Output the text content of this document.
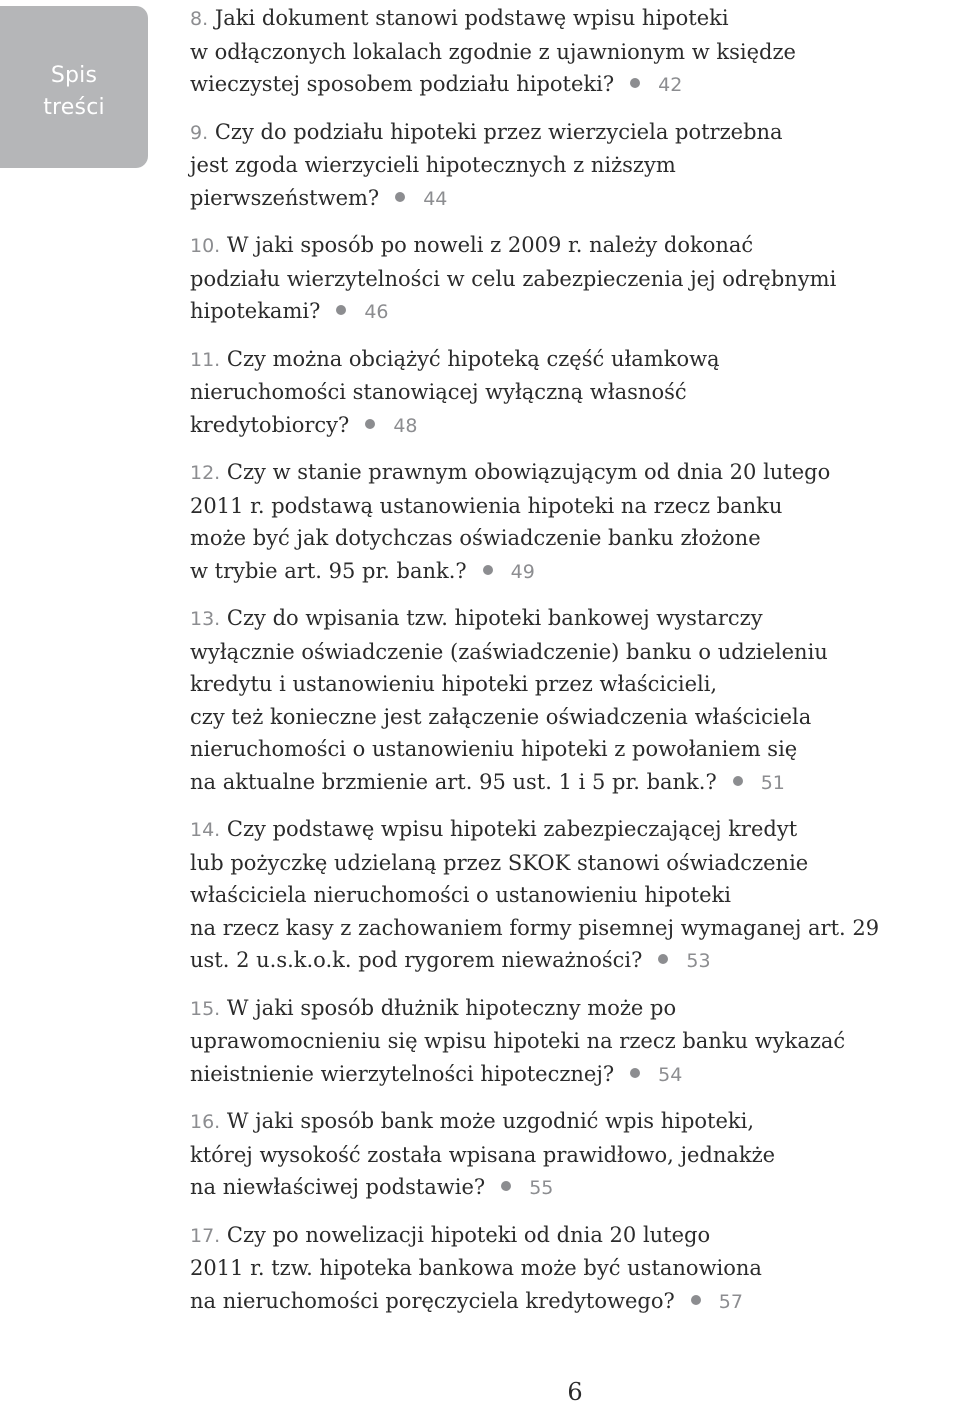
Spis
treści
8. Jaki dokument stanowi podstawę wpisu hipoteki
w odłączonych lokalach zgodnie z ujawnionym w księdze
wieczystej sposobem podziału hipoteki? 42
9. Czy do podziału hipoteki przez wierzyciela potrzebna
jest zgoda wierzycieli hipotecznych z niższym
pierwszeństwem? 44
10. W jaki sposób po noweli z 2009 r. należy dokonać
podziału wierzytelności w celu zabezpieczenia jej odrębnymi
hipotekami? 46
11. Czy można obciążyć hipoteką część ułamkową
nieruchomości stanowiącej wyłączną własność
kredytobiorcy? 48
12. Czy w stanie prawnym obowiązującym od dnia 20 lutego
2011 r. podstawą ustanowienia hipoteki na rzecz banku
może być jak dotychczas oświadczenie banku złożone
w trybie art. 95 pr. bank.? 49
13. Czy do wpisania tzw. hipoteki bankowej wystarczy
wyłącznie oświadczenie (zaświadczenie) banku o udzieleniu
kredytu i ustanowieniu hipoteki przez właścicieli,
czy też konieczne jest załączenie oświadczenia właściciela
nieruchomości o ustanowieniu hipoteki z powołaniem się
na aktualne brzmienie art. 95 ust. 1 i 5 pr. bank.? 51
14. Czy podstawę wpisu hipoteki zabezpieczającej kredyt
lub pożyczkę udzielaną przez SKOK stanowi oświadczenie
właściciela nieruchomości o ustanowieniu hipoteki
na rzecz kasy z zachowaniem formy pisemnej wymaganej art. 29
ust. 2 u.s.k.o.k. pod rygorem nieważności? 53
15. W jaki sposób dłużnik hipoteczny może po
uprawomocnieniu się wpisu hipoteki na rzecz banku wykazać
nieistnienie wierzytelności hipotecznej? 54
16. W jaki sposób bank może uzgodnić wpis hipoteki,
której wysokość została wpisana prawidłowo, jednakże
na niewłaściwej podstawie? 55
17. Czy po nowelizacji hipoteki od dnia 20 lutego
2011 r. tzw. hipoteka bankowa może być ustanowiona
na nieruchomości poręczyciela kredytowego? 57
6
